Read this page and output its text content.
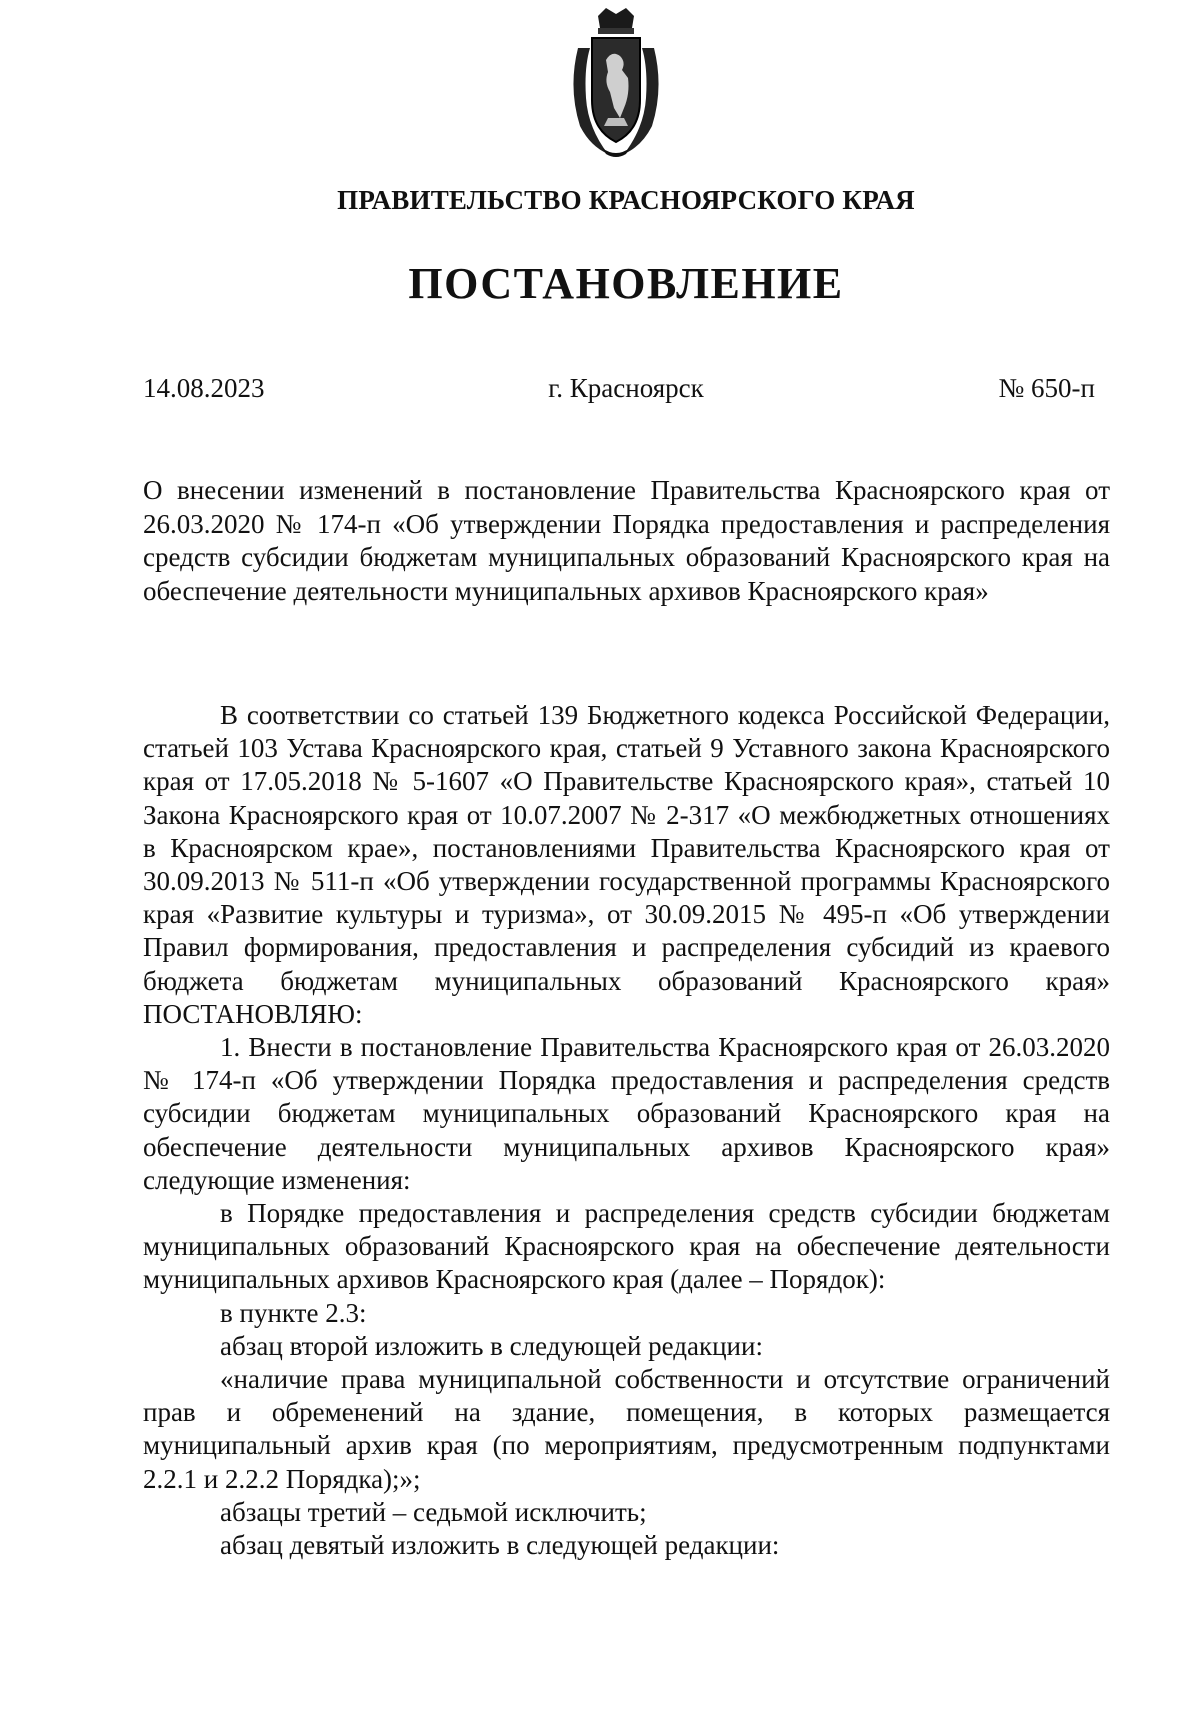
ПРАВИТЕЛЬСТВО КРАСНОЯРСКОГО КРАЯ
ПОСТАНОВЛЕНИЕ
14.08.2023	г. Красноярск	№ 650-п

О внесении изменений в постановление Правительства Красноярского края от 26.03.2020 № 174-п «Об утверждении Порядка предоставления и распределения средств субсидии бюджетам муниципальных образований Красноярского края на обеспечение деятельности муниципальных архивов Красноярского края»

В соответствии со статьей 139 Бюджетного кодекса Российской Федерации, статьей 103 Устава Красноярского края, статьей 9 Уставного закона Красноярского края от 17.05.2018 № 5-1607 «О Правительстве Красноярского края», статьей 10 Закона Красноярского края от 10.07.2007 № 2-317 «О межбюджетных отношениях в Красноярском крае», постановлениями Правительства Красноярского края от 30.09.2013 № 511-п «Об утверждении государственной программы Красноярского края «Развитие культуры и туризма», от 30.09.2015 № 495-п «Об утверждении Правил формирования, предоставления и распределения субсидий из краевого бюджета бюджетам муниципальных образований Красноярского края» ПОСТАНОВЛЯЮ:

1. Внести в постановление Правительства Красноярского края от 26.03.2020 № 174-п «Об утверждении Порядка предоставления и распределения средств субсидии бюджетам муниципальных образований Красноярского края на обеспечение деятельности муниципальных архивов Красноярского края» следующие изменения:

в Порядке предоставления и распределения средств субсидии бюджетам муниципальных образований Красноярского края на обеспечение деятельности муниципальных архивов Красноярского края (далее – Порядок):

в пункте 2.3:

абзац второй изложить в следующей редакции:

«наличие права муниципальной собственности и отсутствие ограничений прав и обременений на здание, помещения, в которых размещается муниципальный архив края (по мероприятиям, предусмотренным подпунктами 2.2.1 и 2.2.2 Порядка);»;

абзацы третий – седьмой исключить;

абзац девятый изложить в следующей редакции:
